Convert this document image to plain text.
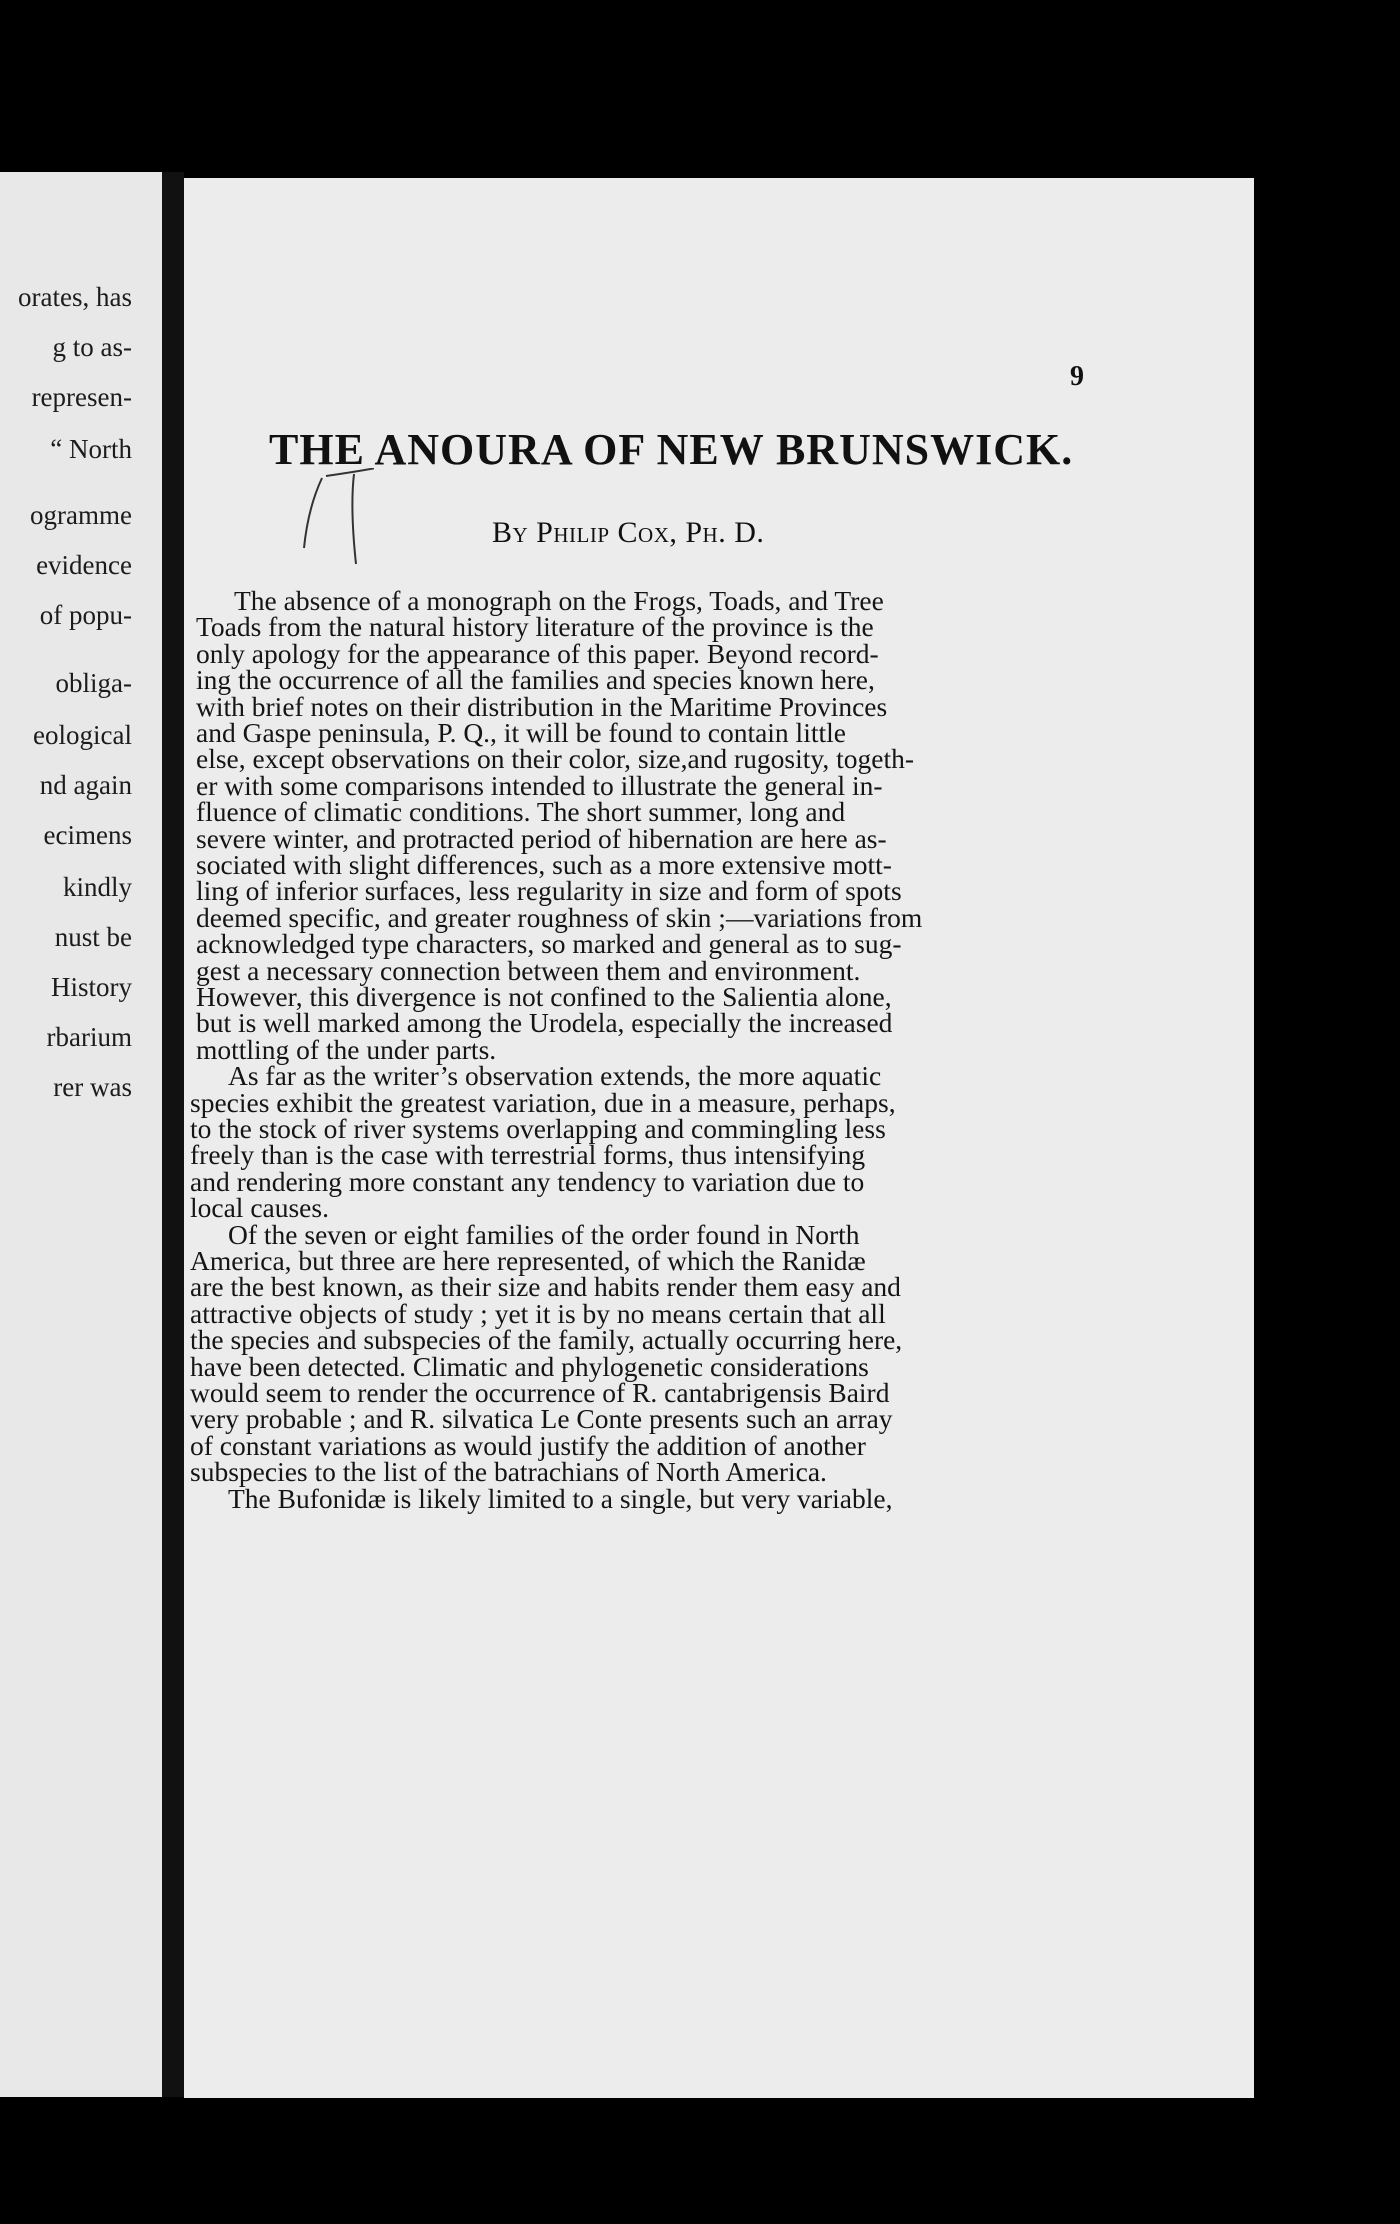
orates, has
g to as-
represen-
“ North
ogramme
evidence
of popu-
obliga-
eological
nd again
ecimens
kindly
nust be
History
rbarium
rer was
9
THE ANOURA OF NEW BRUNSWICK.
By Philip Cox, Ph. D.
The absence of a monograph on the Frogs, Toads, and Tree
Toads from the natural history literature of the province is the
only apology for the appearance of this paper. Beyond record-
ing the occurrence of all the families and species known here,
with brief notes on their distribution in the Maritime Provinces
and Gaspe peninsula, P. Q., it will be found to contain little
else, except observations on their color, size,and rugosity, togeth-
er with some comparisons intended to illustrate the general in-
fluence of climatic conditions. The short summer, long and
severe winter, and protracted period of hibernation are here as-
sociated with slight differences, such as a more extensive mott-
ling of inferior surfaces, less regularity in size and form of spots
deemed specific, and greater roughness of skin ;—variations from
acknowledged type characters, so marked and general as to sug-
gest a necessary connection between them and environment.
However, this divergence is not confined to the Salientia alone,
but is well marked among the Urodela, especially the increased
mottling of the under parts.
As far as the writer’s observation extends, the more aquatic
species exhibit the greatest variation, due in a measure, perhaps,
to the stock of river systems overlapping and commingling less
freely than is the case with terrestrial forms, thus intensifying
and rendering more constant any tendency to variation due to
local causes.
Of the seven or eight families of the order found in North
America, but three are here represented, of which the Ranidæ
are the best known, as their size and habits render them easy and
attractive objects of study ; yet it is by no means certain that all
the species and subspecies of the family, actually occurring here,
have been detected. Climatic and phylogenetic considerations
would seem to render the occurrence of R. cantabrigensis Baird
very probable ; and R. silvatica Le Conte presents such an array
of constant variations as would justify the addition of another
subspecies to the list of the batrachians of North America.
The Bufonidæ is likely limited to a single, but very variable,
